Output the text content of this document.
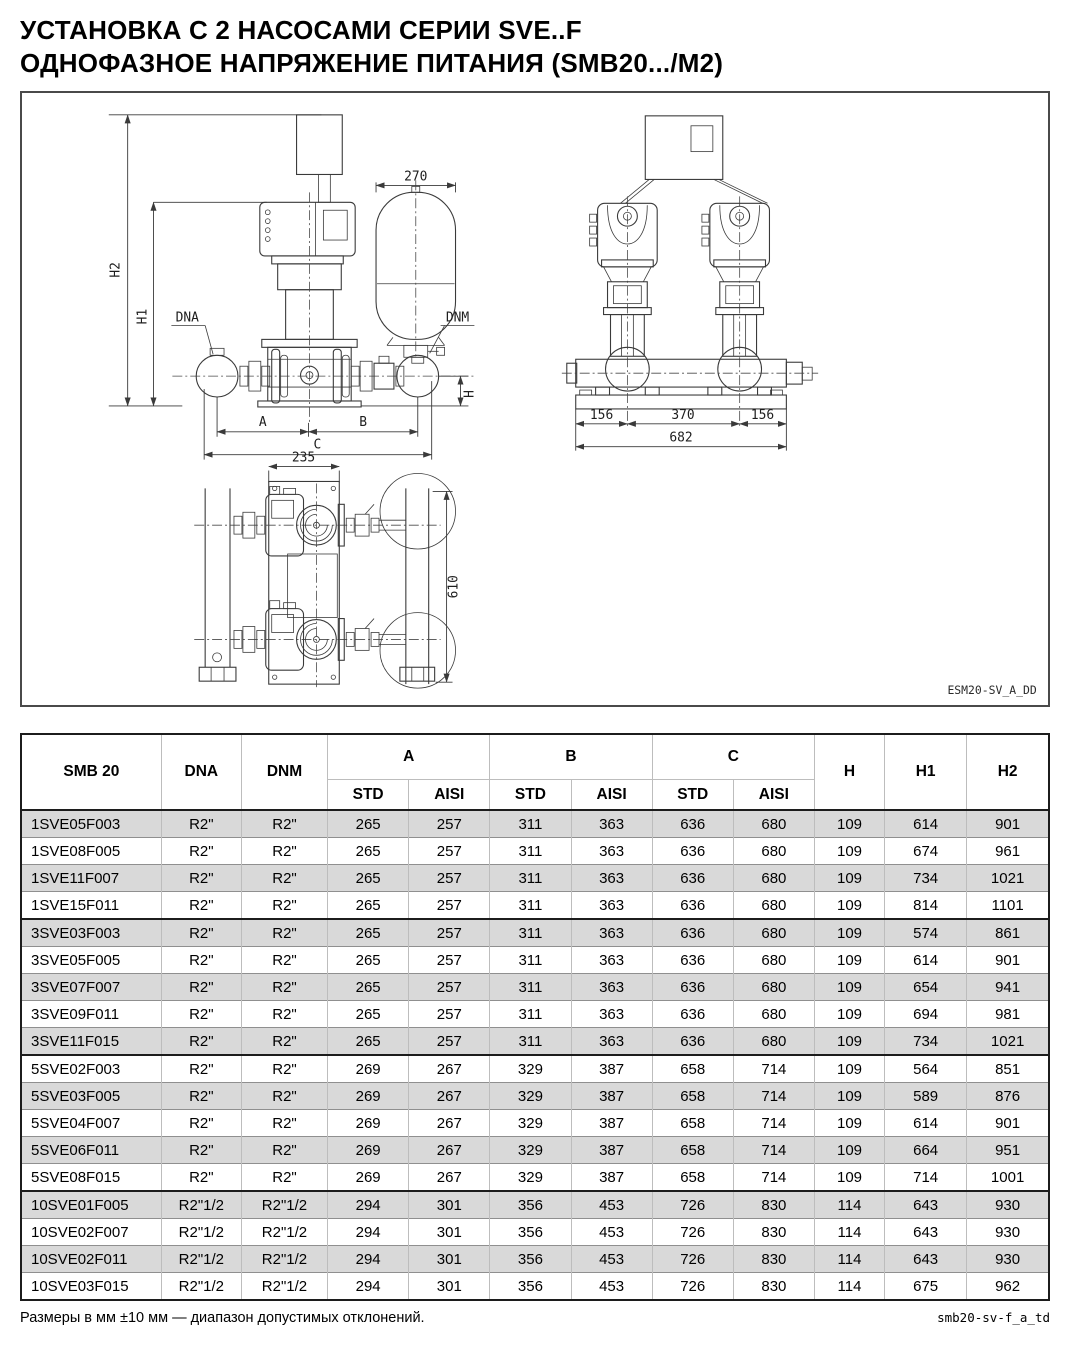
УСТАНОВКА С 2 НАСОСАМИ СЕРИИ SVE..F
ОДНОФАЗНОЕ НАПРЯЖЕНИЕ ПИТАНИЯ (SMB20.../M2)
H2
H1
270
DNA	DNM
H
A	B
C
156	370	156
682
235
610
ESM20-SV_A_DD
SMB 20	DNA	DNM	A		B		C		H	H1	H2
			STD	AISI	STD	AISI	STD	AISI			
1SVE05F003	R2"	R2"	265	257	311	363	636	680	109	614	901
1SVE08F005	R2"	R2"	265	257	311	363	636	680	109	674	961
1SVE11F007	R2"	R2"	265	257	311	363	636	680	109	734	1021
1SVE15F011	R2"	R2"	265	257	311	363	636	680	109	814	1101
3SVE03F003	R2"	R2"	265	257	311	363	636	680	109	574	861
3SVE05F005	R2"	R2"	265	257	311	363	636	680	109	614	901
3SVE07F007	R2"	R2"	265	257	311	363	636	680	109	654	941
3SVE09F011	R2"	R2"	265	257	311	363	636	680	109	694	981
3SVE11F015	R2"	R2"	265	257	311	363	636	680	109	734	1021
5SVE02F003	R2"	R2"	269	267	329	387	658	714	109	564	851
5SVE03F005	R2"	R2"	269	267	329	387	658	714	109	589	876
5SVE04F007	R2"	R2"	269	267	329	387	658	714	109	614	901
5SVE06F011	R2"	R2"	269	267	329	387	658	714	109	664	951
5SVE08F015	R2"	R2"	269	267	329	387	658	714	109	714	1001
10SVE01F005	R2"1/2	R2"1/2	294	301	356	453	726	830	114	643	930
10SVE02F007	R2"1/2	R2"1/2	294	301	356	453	726	830	114	643	930
10SVE02F011	R2"1/2	R2"1/2	294	301	356	453	726	830	114	643	930
10SVE03F015	R2"1/2	R2"1/2	294	301	356	453	726	830	114	675	962
Размеры в мм ±10 мм — диапазон допустимых отклонений.	smb20-sv-f_a_td
